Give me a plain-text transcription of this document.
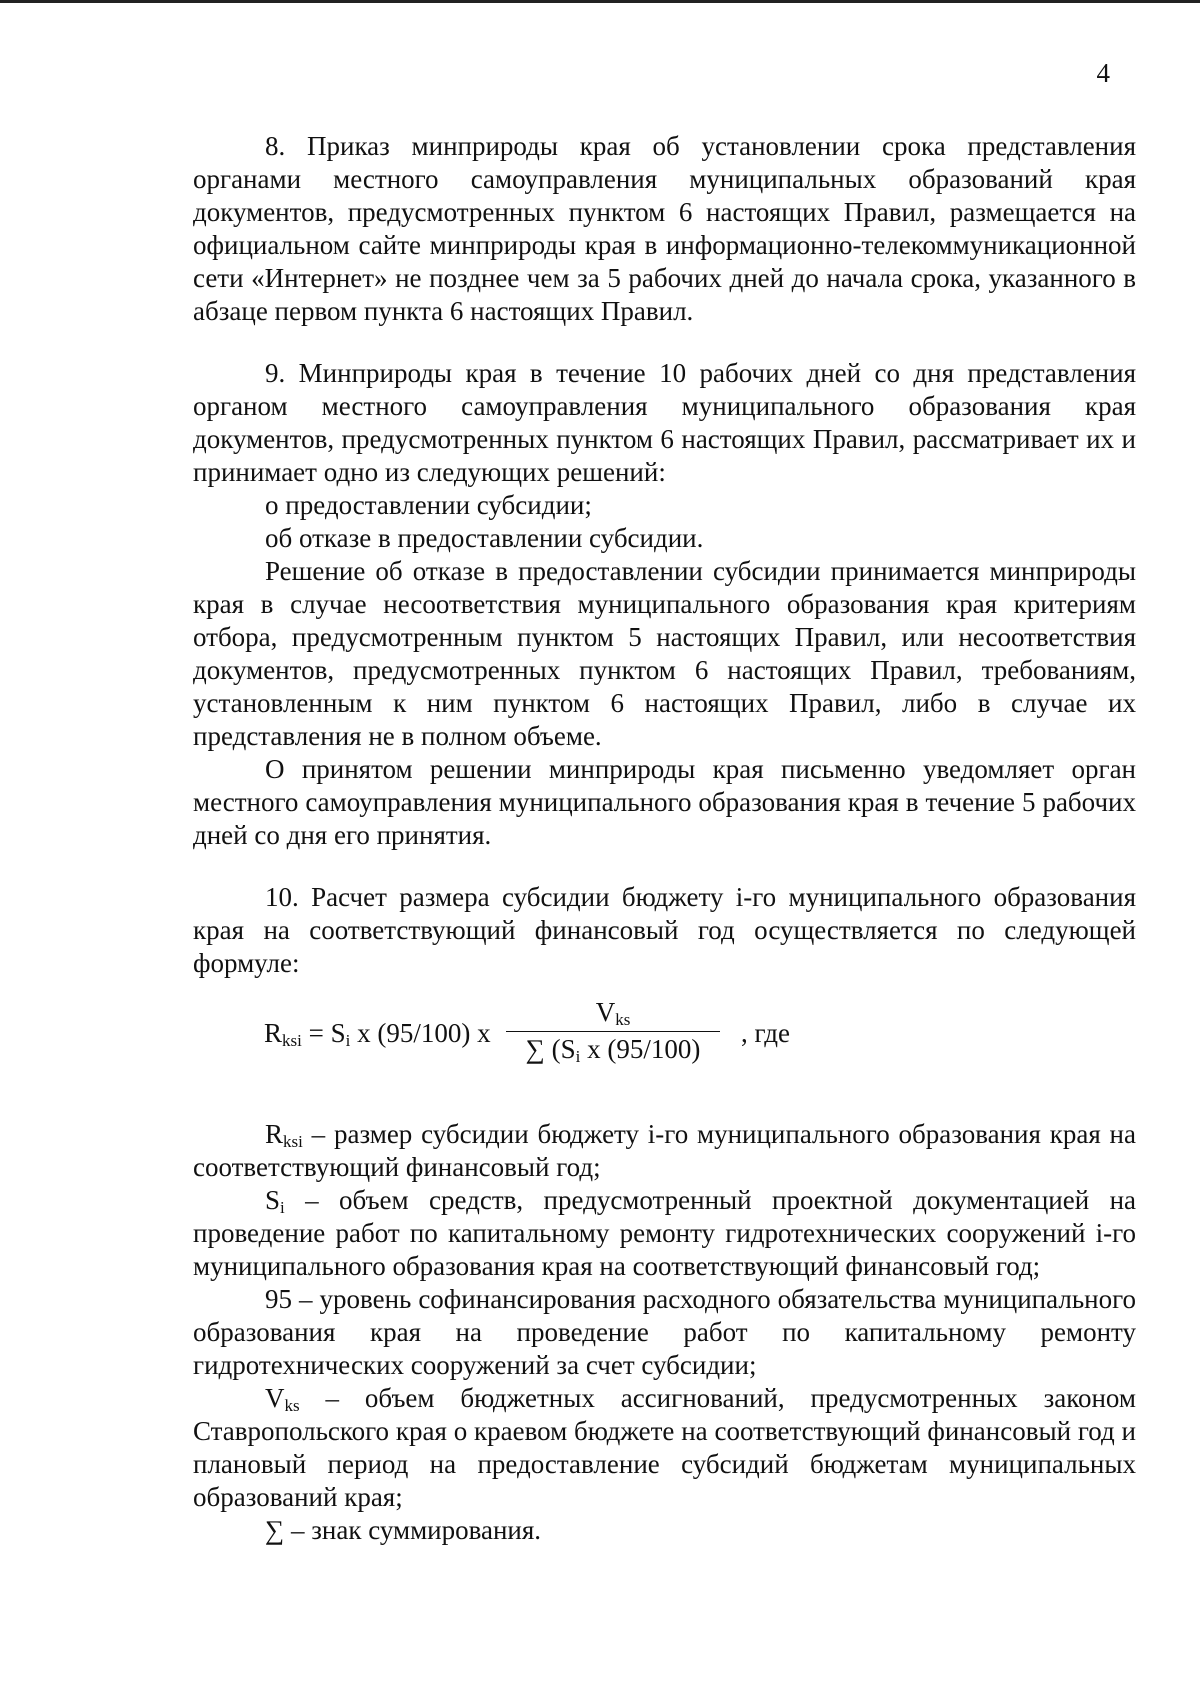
4

8. Приказ минприроды края об установлении срока представления органами местного самоуправления муниципальных образований края документов, предусмотренных пунктом 6 настоящих Правил, размещается на официальном сайте минприроды края в информационно-телекоммуникационной сети «Интернет» не позднее чем за 5 рабочих дней до начала срока, указанного в абзаце первом пункта 6 настоящих Правил.

9. Минприроды края в течение 10 рабочих дней со дня представления органом местного самоуправления муниципального образования края документов, предусмотренных пунктом 6 настоящих Правил, рассматривает их и принимает одно из следующих решений:

о предоставлении субсидии;

об отказе в предоставлении субсидии.

Решение об отказе в предоставлении субсидии принимается минприроды края в случае несоответствия муниципального образования края критериям отбора, предусмотренным пунктом 5 настоящих Правил, или несоответствия документов, предусмотренных пунктом 6 настоящих Правил, требованиям, установленным к ним пунктом 6 настоящих Правил, либо в случае их представления не в полном объеме.

О принятом решении минприроды края письменно уведомляет орган местного самоуправления муниципального образования края в течение 5 рабочих дней со дня его принятия.

10. Расчет размера субсидии бюджету i-го муниципального образования края на соответствующий финансовый год осуществляется по следующей формуле:

$R_{ksi} = S_i$ x (95/100) x
$V_{ks}$
∑ ($S_i$ x (95/100)
, где

$R_{ksi}$ – размер субсидии бюджету i-го муниципального образования края на соответствующий финансовый год;

$S_i$ – объем средств, предусмотренный проектной документацией на проведение работ по капитальному ремонту гидротехнических сооружений i-го муниципального образования края на соответствующий финансовый год;

95 – уровень софинансирования расходного обязательства муниципального образования края на проведение работ по капитальному ремонту гидротехнических сооружений за счет субсидии;

$V_{ks}$ – объем бюджетных ассигнований, предусмотренных законом Ставропольского края о краевом бюджете на соответствующий финансовый год и плановый период на предоставление субсидий бюджетам муниципальных образований края;

∑ – знак суммирования.
